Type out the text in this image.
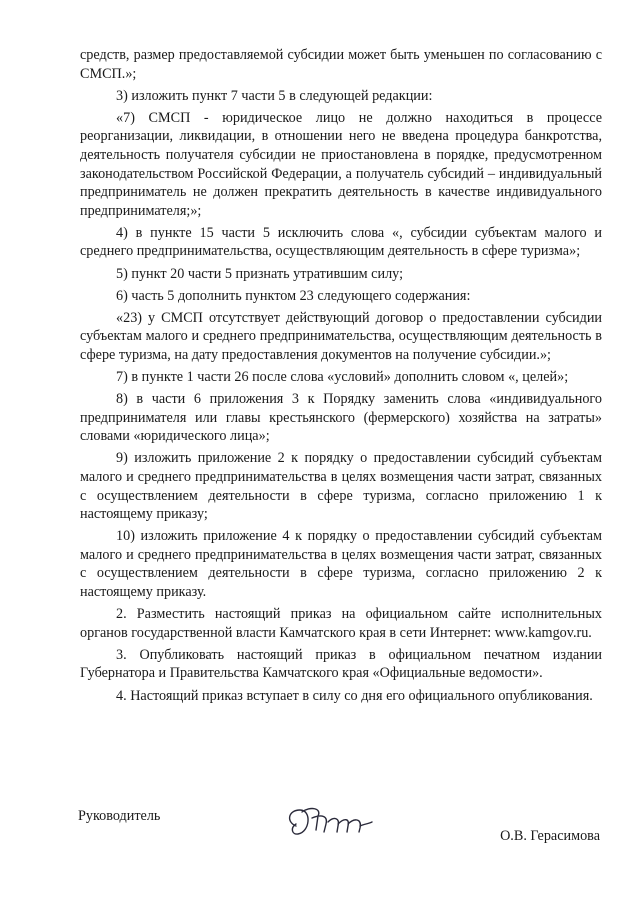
средств, размер предоставляемой субсидии может быть уменьшен по согласованию с СМСП.»;

3) изложить пункт 7 части 5 в следующей редакции:

«7) СМСП - юридическое лицо не должно находиться в процессе реорганизации, ликвидации, в отношении него не введена процедура банкротства, деятельность получателя субсидии не приостановлена в порядке, предусмотренном законодательством Российской Федерации, а получатель субсидий – индивидуальный предприниматель не должен прекратить деятельность в качестве индивидуального предпринимателя;»;

4) в пункте 15 части 5 исключить слова «, субсидии субъектам малого и среднего предпринимательства, осуществляющим деятельность в сфере туризма»;

5) пункт 20 части 5 признать утратившим силу;

6) часть 5 дополнить пунктом 23 следующего содержания:

«23) у СМСП отсутствует действующий договор о предоставлении субсидии субъектам малого и среднего предпринимательства, осуществляющим деятельность в сфере туризма, на дату предоставления документов на получение субсидии.»;

7) в пункте 1 части 26 после слова «условий» дополнить словом «, целей»;

8) в части 6 приложения 3 к Порядку заменить слова «индивидуального предпринимателя или главы крестьянского (фермерского) хозяйства на затраты» словами «юридического лица»;

9) изложить приложение 2 к порядку о предоставлении субсидий субъектам малого и среднего предпринимательства в целях возмещения части затрат, связанных с осуществлением деятельности в сфере туризма, согласно приложению 1 к настоящему приказу;

10) изложить приложение 4 к порядку о предоставлении субсидий субъектам малого и среднего предпринимательства в целях возмещения части затрат, связанных с осуществлением деятельности в сфере туризма, согласно приложению 2 к настоящему приказу.

2. Разместить настоящий приказ на официальном сайте исполнительных органов государственной власти Камчатского края в сети Интернет: www.kamgov.ru.

3. Опубликовать настоящий приказ в официальном печатном издании Губернатора и Правительства Камчатского края «Официальные ведомости».

4. Настоящий приказ вступает в силу со дня его официального опубликования.

Руководитель
О.В. Герасимова
